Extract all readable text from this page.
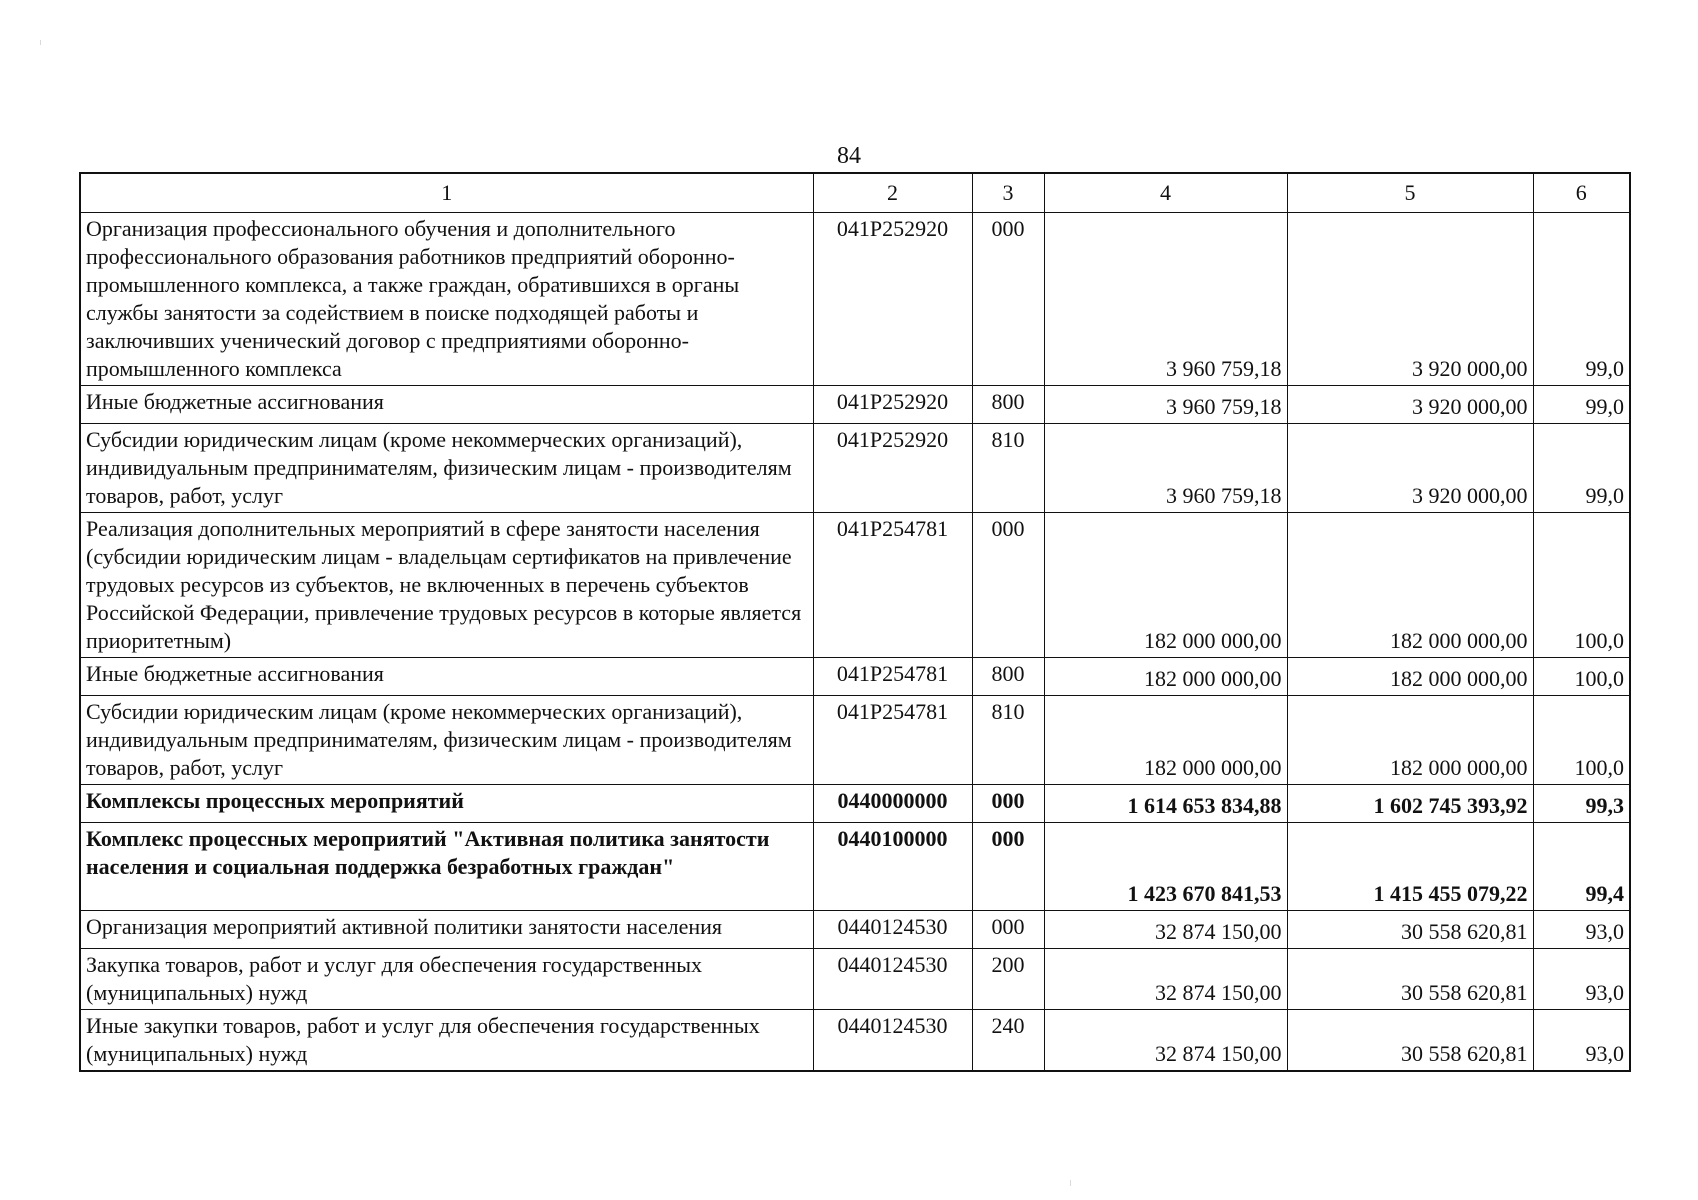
84
1	2	3	4	5	6
Организация профессионального обучения и дополнительного профессионального образования работников предприятий оборонно-промышленного комплекса, а также граждан, обратившихся в органы службы занятости за содействием в поиске подходящей работы и заключивших ученический договор с предприятиями оборонно-промышленного комплекса	041P252920	000	3 960 759,18	3 920 000,00	99,0
Иные бюджетные ассигнования	041P252920	800	3 960 759,18	3 920 000,00	99,0
Субсидии юридическим лицам (кроме некоммерческих организаций), индивидуальным предпринимателям, физическим лицам - производителям товаров, работ, услуг	041P252920	810	3 960 759,18	3 920 000,00	99,0
Реализация дополнительных мероприятий в сфере занятости населения (субсидии юридическим лицам - владельцам сертификатов на привлечение трудовых ресурсов из субъектов, не включенных в перечень субъектов Российской Федерации, привлечение трудовых ресурсов в которые является приоритетным)	041P254781	000	182 000 000,00	182 000 000,00	100,0
Иные бюджетные ассигнования	041P254781	800	182 000 000,00	182 000 000,00	100,0
Субсидии юридическим лицам (кроме некоммерческих организаций), индивидуальным предпринимателям, физическим лицам - производителям товаров, работ, услуг	041P254781	810	182 000 000,00	182 000 000,00	100,0
Комплексы процессных мероприятий	0440000000	000	1 614 653 834,88	1 602 745 393,92	99,3
Комплекс процессных мероприятий "Активная политика занятости населения и социальная поддержка безработных граждан"	0440100000	000	1 423 670 841,53	1 415 455 079,22	99,4
Организация мероприятий активной политики занятости населения	0440124530	000	32 874 150,00	30 558 620,81	93,0
Закупка товаров, работ и услуг для обеспечения государственных (муниципальных) нужд	0440124530	200	32 874 150,00	30 558 620,81	93,0
Иные закупки товаров, работ и услуг для обеспечения государственных (муниципальных) нужд	0440124530	240	32 874 150,00	30 558 620,81	93,0
